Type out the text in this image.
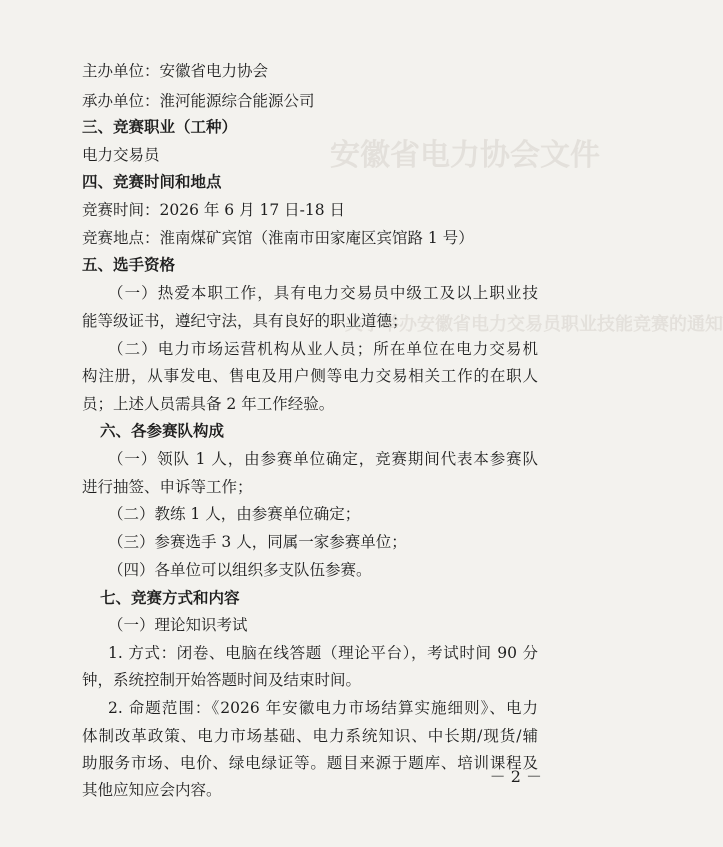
安徽省电力协会文件
关于举办安徽省电力交易员职业技能竞赛的通知
主办单位：安徽省电力协会
承办单位：淮河能源综合能源公司
三、竞赛职业（工种）
电力交易员
四、竞赛时间和地点
竞赛时间：2026 年 6 月 17 日-18 日
竞赛地点：淮南煤矿宾馆（淮南市田家庵区宾馆路 1 号）
五、选手资格
（一）热爱本职工作，具有电力交易员中级工及以上职业技
能等级证书，遵纪守法，具有良好的职业道德；
（二）电力市场运营机构从业人员；所在单位在电力交易机
构注册，从事发电、售电及用户侧等电力交易相关工作的在职人
员；上述人员需具备 2 年工作经验。
六、各参赛队构成
（一）领队 1 人，由参赛单位确定，竞赛期间代表本参赛队
进行抽签、申诉等工作；
（二）教练 1 人，由参赛单位确定；
（三）参赛选手 3 人，同属一家参赛单位；
（四）各单位可以组织多支队伍参赛。
七、竞赛方式和内容
（一）理论知识考试
1. 方式：闭卷、电脑在线答题（理论平台），考试时间 90 分
钟，系统控制开始答题时间及结束时间。
2. 命题范围：《2026 年安徽电力市场结算实施细则》、电力
体制改革政策、电力市场基础、电力系统知识、中长期/现货/辅
助服务市场、电价、绿电绿证等。题目来源于题库、培训课程及
其他应知应会内容。
－ 2 －
